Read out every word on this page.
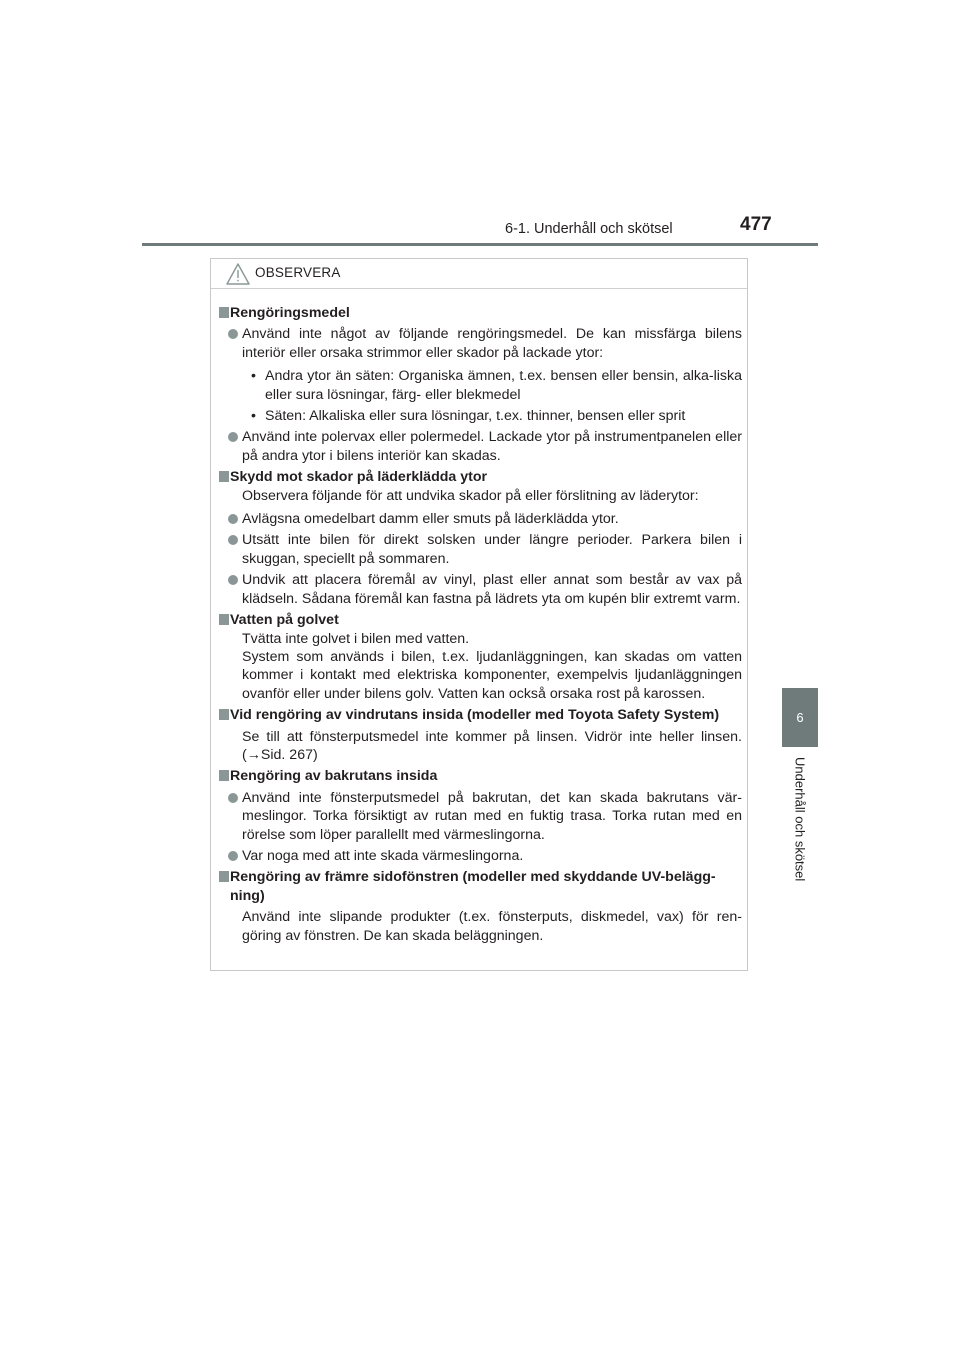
6-1. Underhåll och skötsel	477
6
Underhåll och skötsel
OBSERVERA
Rengöringsmedel
Använd inte något av följande rengöringsmedel. De kan missfärga bilens interiör eller orsaka strimmor eller skador på lackade ytor:
• Andra ytor än säten: Organiska ämnen, t.ex. bensen eller bensin, alka-liska eller sura lösningar, färg- eller blekmedel
• Säten: Alkaliska eller sura lösningar, t.ex. thinner, bensen eller sprit
Använd inte polervax eller polermedel. Lackade ytor på instrumentpanelen eller på andra ytor i bilens interiör kan skadas.
Skydd mot skador på läderklädda ytor
Observera följande för att undvika skador på eller förslitning av läderytor:
Avlägsna omedelbart damm eller smuts på läderklädda ytor.
Utsätt inte bilen för direkt solsken under längre perioder. Parkera bilen i skuggan, speciellt på sommaren.
Undvik att placera föremål av vinyl, plast eller annat som består av vax på klädseln. Sådana föremål kan fastna på lädrets yta om kupén blir extremt varm.
Vatten på golvet
Tvätta inte golvet i bilen med vatten.
System som används i bilen, t.ex. ljudanläggningen, kan skadas om vatten kommer i kontakt med elektriska komponenter, exempelvis ljudanläggningen ovanför eller under bilens golv. Vatten kan också orsaka rost på karossen.
Vid rengöring av vindrutans insida (modeller med Toyota Safety System)
Se till att fönsterputsmedel inte kommer på linsen. Vidrör inte heller linsen. (→Sid. 267)
Rengöring av bakrutans insida
Använd inte fönsterputsmedel på bakrutan, det kan skada bakrutans vär-meslingor. Torka försiktigt av rutan med en fuktig trasa. Torka rutan med en rörelse som löper parallellt med värmeslingorna.
Var noga med att inte skada värmeslingorna.
Rengöring av främre sidofönstren (modeller med skyddande UV-belägg-ning)
Använd inte slipande produkter (t.ex. fönsterputs, diskmedel, vax) för ren-göring av fönstren. De kan skada beläggningen.
